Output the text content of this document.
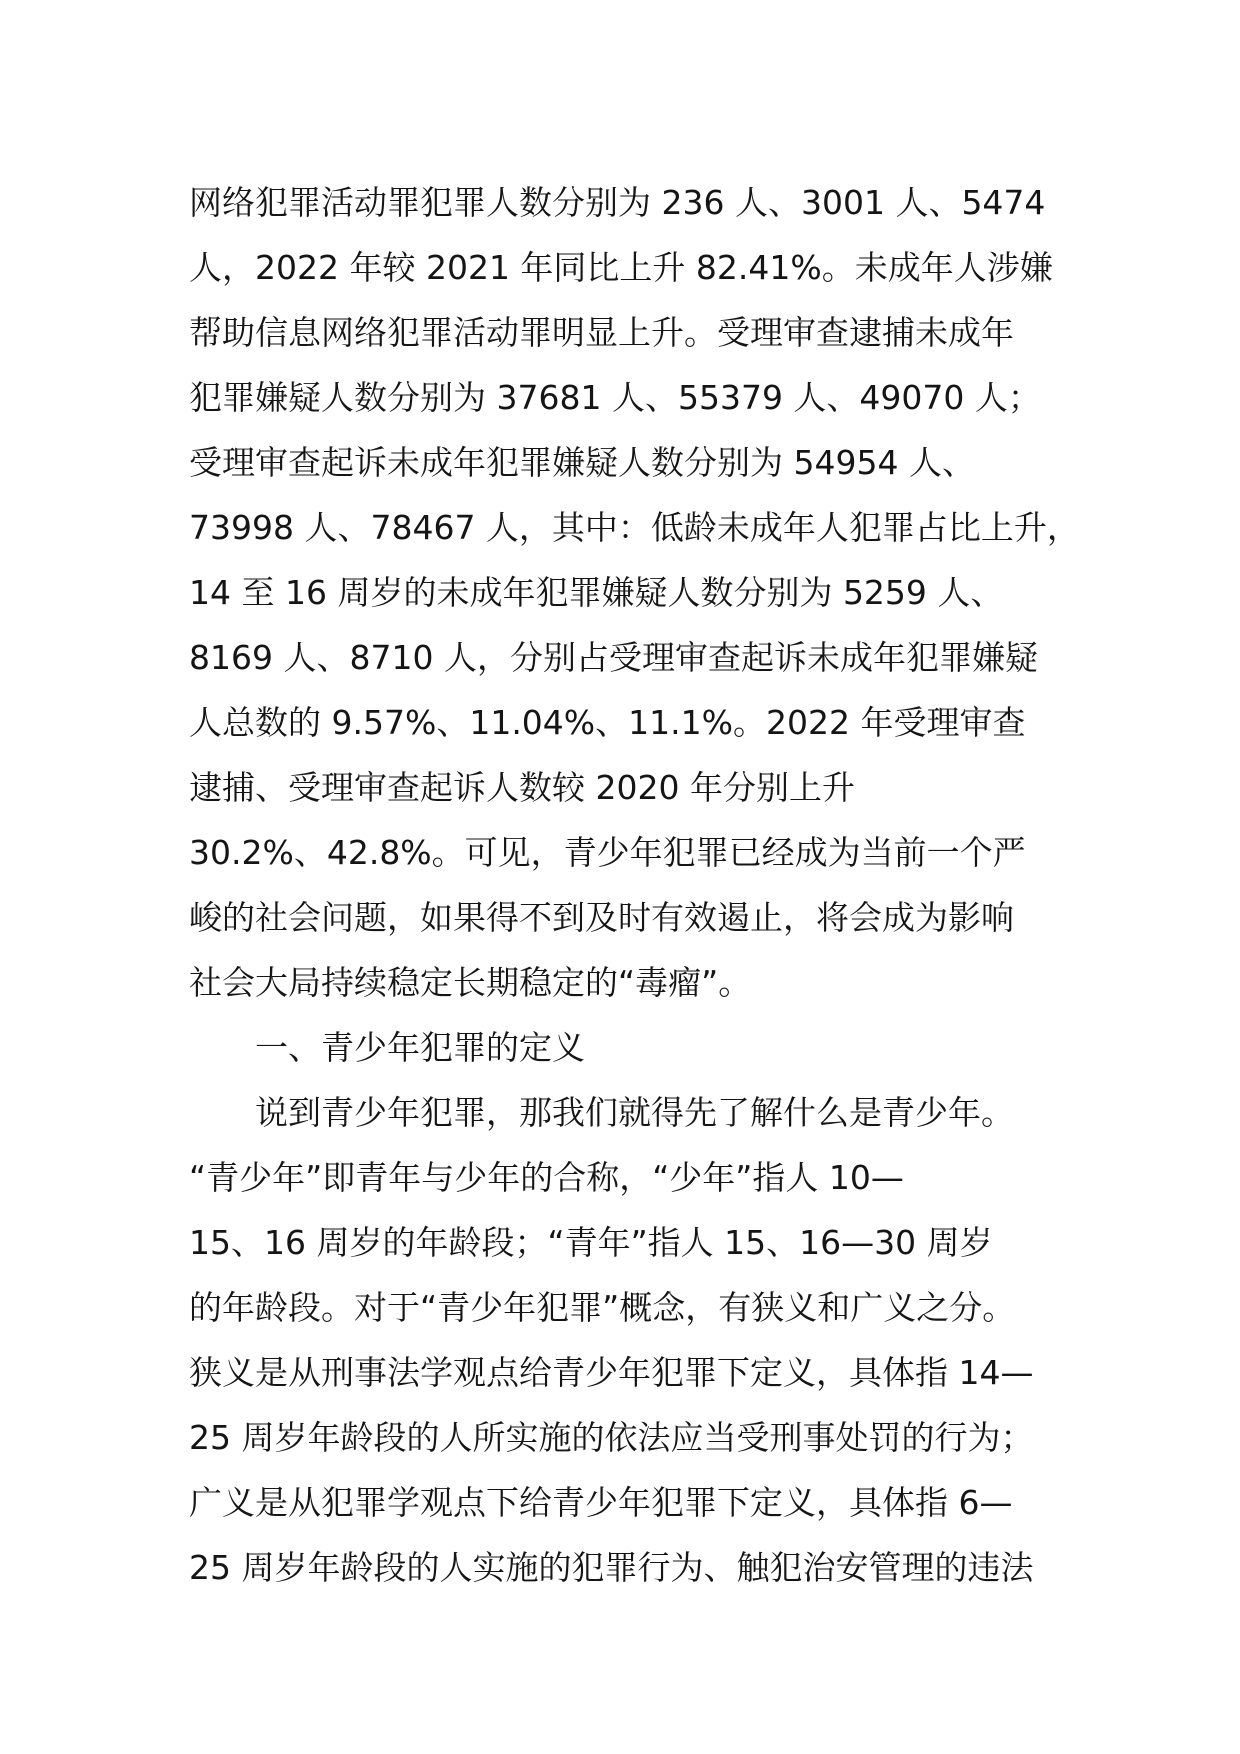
网络犯罪活动罪犯罪人数分别为 236 人、3001 人、5474
人，2022 年较 2021 年同比上升 82.41%。未成年人涉嫌
帮助信息网络犯罪活动罪明显上升。受理审查逮捕未成年
犯罪嫌疑人数分别为 37681 人、55379 人、49070 人；
受理审查起诉未成年犯罪嫌疑人数分别为 54954 人、
73998 人、78467 人，其中：低龄未成年人犯罪占比上升，
14 至 16 周岁的未成年犯罪嫌疑人数分别为 5259 人、
8169 人、8710 人，分别占受理审查起诉未成年犯罪嫌疑
人总数的 9.57%、11.04%、11.1%。2022 年受理审查
逮捕、受理审查起诉人数较 2020 年分别上升
30.2%、42.8%。可见，青少年犯罪已经成为当前一个严
峻的社会问题，如果得不到及时有效遏止，将会成为影响
社会大局持续稳定长期稳定的“毒瘤”。
　　一、青少年犯罪的定义
　　说到青少年犯罪，那我们就得先了解什么是青少年。
“青少年”即青年与少年的合称，“少年”指人 10—
15、16 周岁的年龄段；“青年”指人 15、16—30 周岁
的年龄段。对于“青少年犯罪”概念，有狭义和广义之分。
狭义是从刑事法学观点给青少年犯罪下定义，具体指 14—
25 周岁年龄段的人所实施的依法应当受刑事处罚的行为；
广义是从犯罪学观点下给青少年犯罪下定义，具体指 6—
25 周岁年龄段的人实施的犯罪行为、触犯治安管理的违法
